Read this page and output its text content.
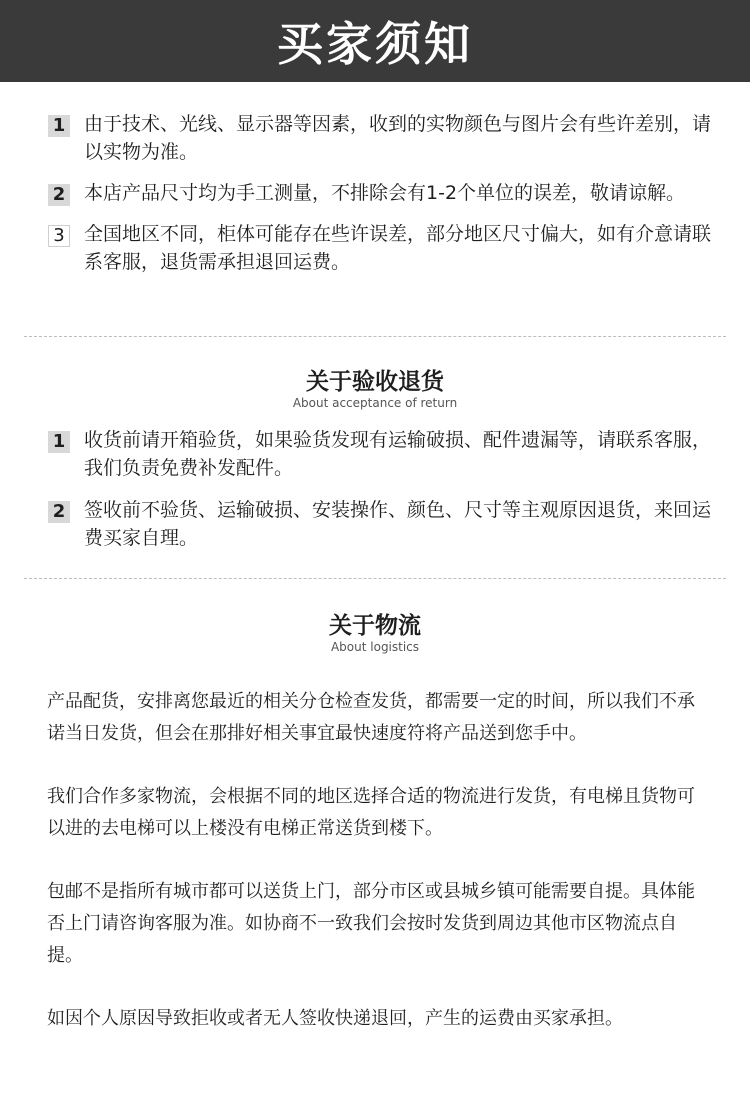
买家须知
1 由于技术、光线、显示器等因素，收到的实物颜色与图片会有些许差别，请以实物为准。
2 本店产品尺寸均为手工测量，不排除会有1-2个单位的误差，敬请谅解。
3 全国地区不同，柜体可能存在些许误差，部分地区尺寸偏大，如有介意请联系客服，退货需承担退回运费。
关于验收退货
About acceptance of return
1 收货前请开箱验货，如果验货发现有运输破损、配件遗漏等，请联系客服，我们负责免费补发配件。
2 签收前不验货、运输破损、安装操作、颜色、尺寸等主观原因退货，来回运费买家自理。
关于物流
About logistics

产品配货，安排离您最近的相关分仓检查发货，都需要一定的时间，所以我们不承诺当日发货，但会在那排好相关事宜最快速度符将产品送到您手中。

我们合作多家物流，会根据不同的地区选择合适的物流进行发货，有电梯且货物可以进的去电梯可以上楼没有电梯正常送货到楼下。

包邮不是指所有城市都可以送货上门，部分市区或县城乡镇可能需要自提。具体能否上门请咨询客服为准。如协商不一致我们会按时发货到周边其他市区物流点自提。

如因个人原因导致拒收或者无人签收快递退回，产生的运费由买家承担。
